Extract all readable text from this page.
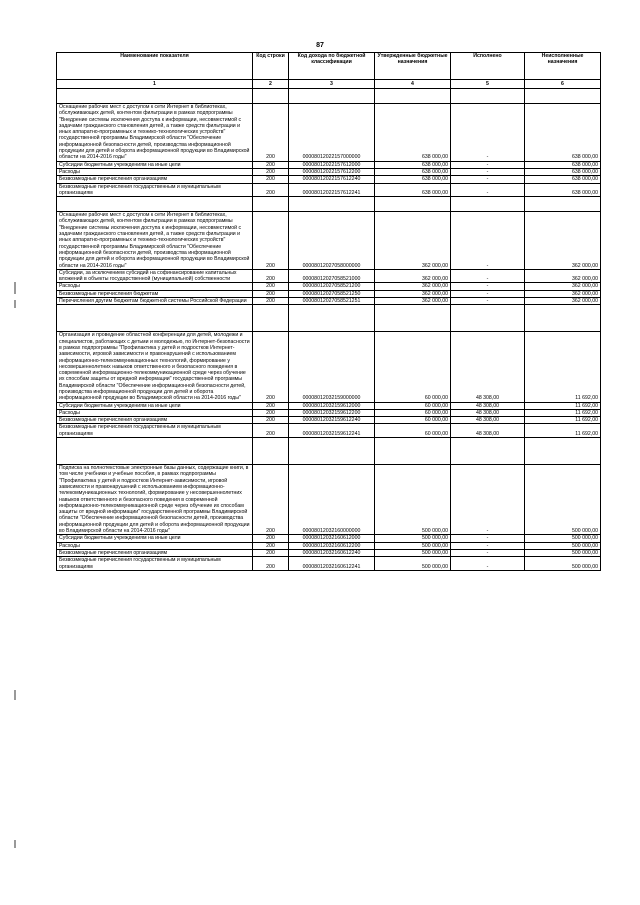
87
Наименование показателя	Код строки	Код дохода по бюджетной классификации	Утвержденные бюджетные назначения	Исполнено	Неисполненные назначения
1	2	3	4	5	6

Оснащение рабочих мест с доступом к сети Интернет в библиотеках, обслуживающих детей, контентом фильтрации в рамках подпрограммы "Внедрение системы исключения доступа к информации, несовместимой с задачами гражданского становления детей, а также средств фильтрации и иных аппаратно-программных и технико-технологических устройств" государственной программы Владимирской области "Обеспечение информационной безопасности детей, производства информационной продукции для детей и оборота информационной продукции во Владимирской области на 2014-2016 годы"	200	00008012022157000000	638 000,00	-	638 000,00
Субсидии бюджетным учреждениям на иные цели	200	00008012022157612000	638 000,00	-	638 000,00
Расходы	200	00008012022157612200	638 000,00	-	638 000,00
Безвозмездные перечисления организациям	200	00008012022157612240	638 000,00	-	638 000,00
Безвозмездные перечисления государственным и муниципальным организациям	200	00008012022157612241	638 000,00	-	638 000,00

Оснащение рабочих мест с доступом к сети Интернет в библиотеках, обслуживающих детей, контентом фильтрации в рамках подпрограммы "Внедрение системы исключения доступа к информации, несовместимой с задачами гражданского становления детей, а также средств фильтрации и иных аппаратно-программных и технико-технологических устройств" государственной программы Владимирской области "Обеспечение информационной безопасности детей, производства информационной продукции для детей и оборота информационной продукции во Владимирской области на 2014-2016 годы"	200	00008012027058000000	362 000,00	-	362 000,00
Субсидии, за исключением субсидий на софинансирование капитальных вложений в объекты государственной (муниципальной) собственности	200	00008012027058521000	362 000,00	-	362 000,00
Расходы	200	00008012027058521200	362 000,00	-	362 000,00
Безвозмездные перечисления бюджетам	200	00008012027058521250	362 000,00	-	362 000,00
Перечисления другим бюджетам бюджетной системы Российской Федерации	200	00008012027058521251	362 000,00	-	362 000,00

Организация и проведение областной конференции для детей, молодежи и специалистов, работающих с детьми и молодежью, по Интернет-безопасности в рамках подпрограммы "Профилактика у детей и подростков Интернет-зависимости, игровой зависимости и правонарушений с использованием информационно-телекоммуникационных технологий, формирование у несовершеннолетних навыков ответственного и безопасного поведения в современной информационно-телекоммуникационной среде через обучение их способам защиты от вредной информации" государственной программы Владимирской области "Обеспечение информационной безопасности детей, производства информационной продукции для детей и оборота информационной продукции во Владимирской области на 2014-2016 годы"	200	00008012032159000000	60 000,00	48 308,00	11 692,00
Субсидии бюджетным учреждениям на иные цели	200	00008012032159612000	60 000,00	48 308,00	11 692,00
Расходы	200	00008012032159612200	60 000,00	48 308,00	11 692,00
Безвозмездные перечисления организациям	200	00008012032159612240	60 000,00	48 308,00	11 692,00
Безвозмездные перечисления государственным и муниципальным организациям	200	00008012032159612241	60 000,00	48 308,00	11 692,00

Подписка на полнотекстовые электронные базы данных, содержащие книги, в том числе учебники и учебные пособия, в рамках подпрограммы "Профилактика у детей и подростков Интернет-зависимости, игровой зависимости и правонарушений с использованием информационно-телекоммуникационных технологий, формирование у несовершеннолетних навыков ответственного и безопасного поведения в современной информационно-телекоммуникационной среде через обучение их способам защиты от вредной информации" государственной программы Владимирской области "Обеспечение информационной безопасности детей, производства информационной продукции для детей и оборота информационной продукции во Владимирской области на 2014-2016 годы"	200	00008012032160000000	500 000,00	-	500 000,00
Субсидии бюджетным учреждениям на иные цели	200	00008012032160612000	500 000,00	-	500 000,00
Расходы	200	00008012032160612200	500 000,00	-	500 000,00
Безвозмездные перечисления организациям	200	00008012032160612240	500 000,00	-	500 000,00
Безвозмездные перечисления государственным и муниципальным организациям	200	00008012032160612241	500 000,00	-	500 000,00
